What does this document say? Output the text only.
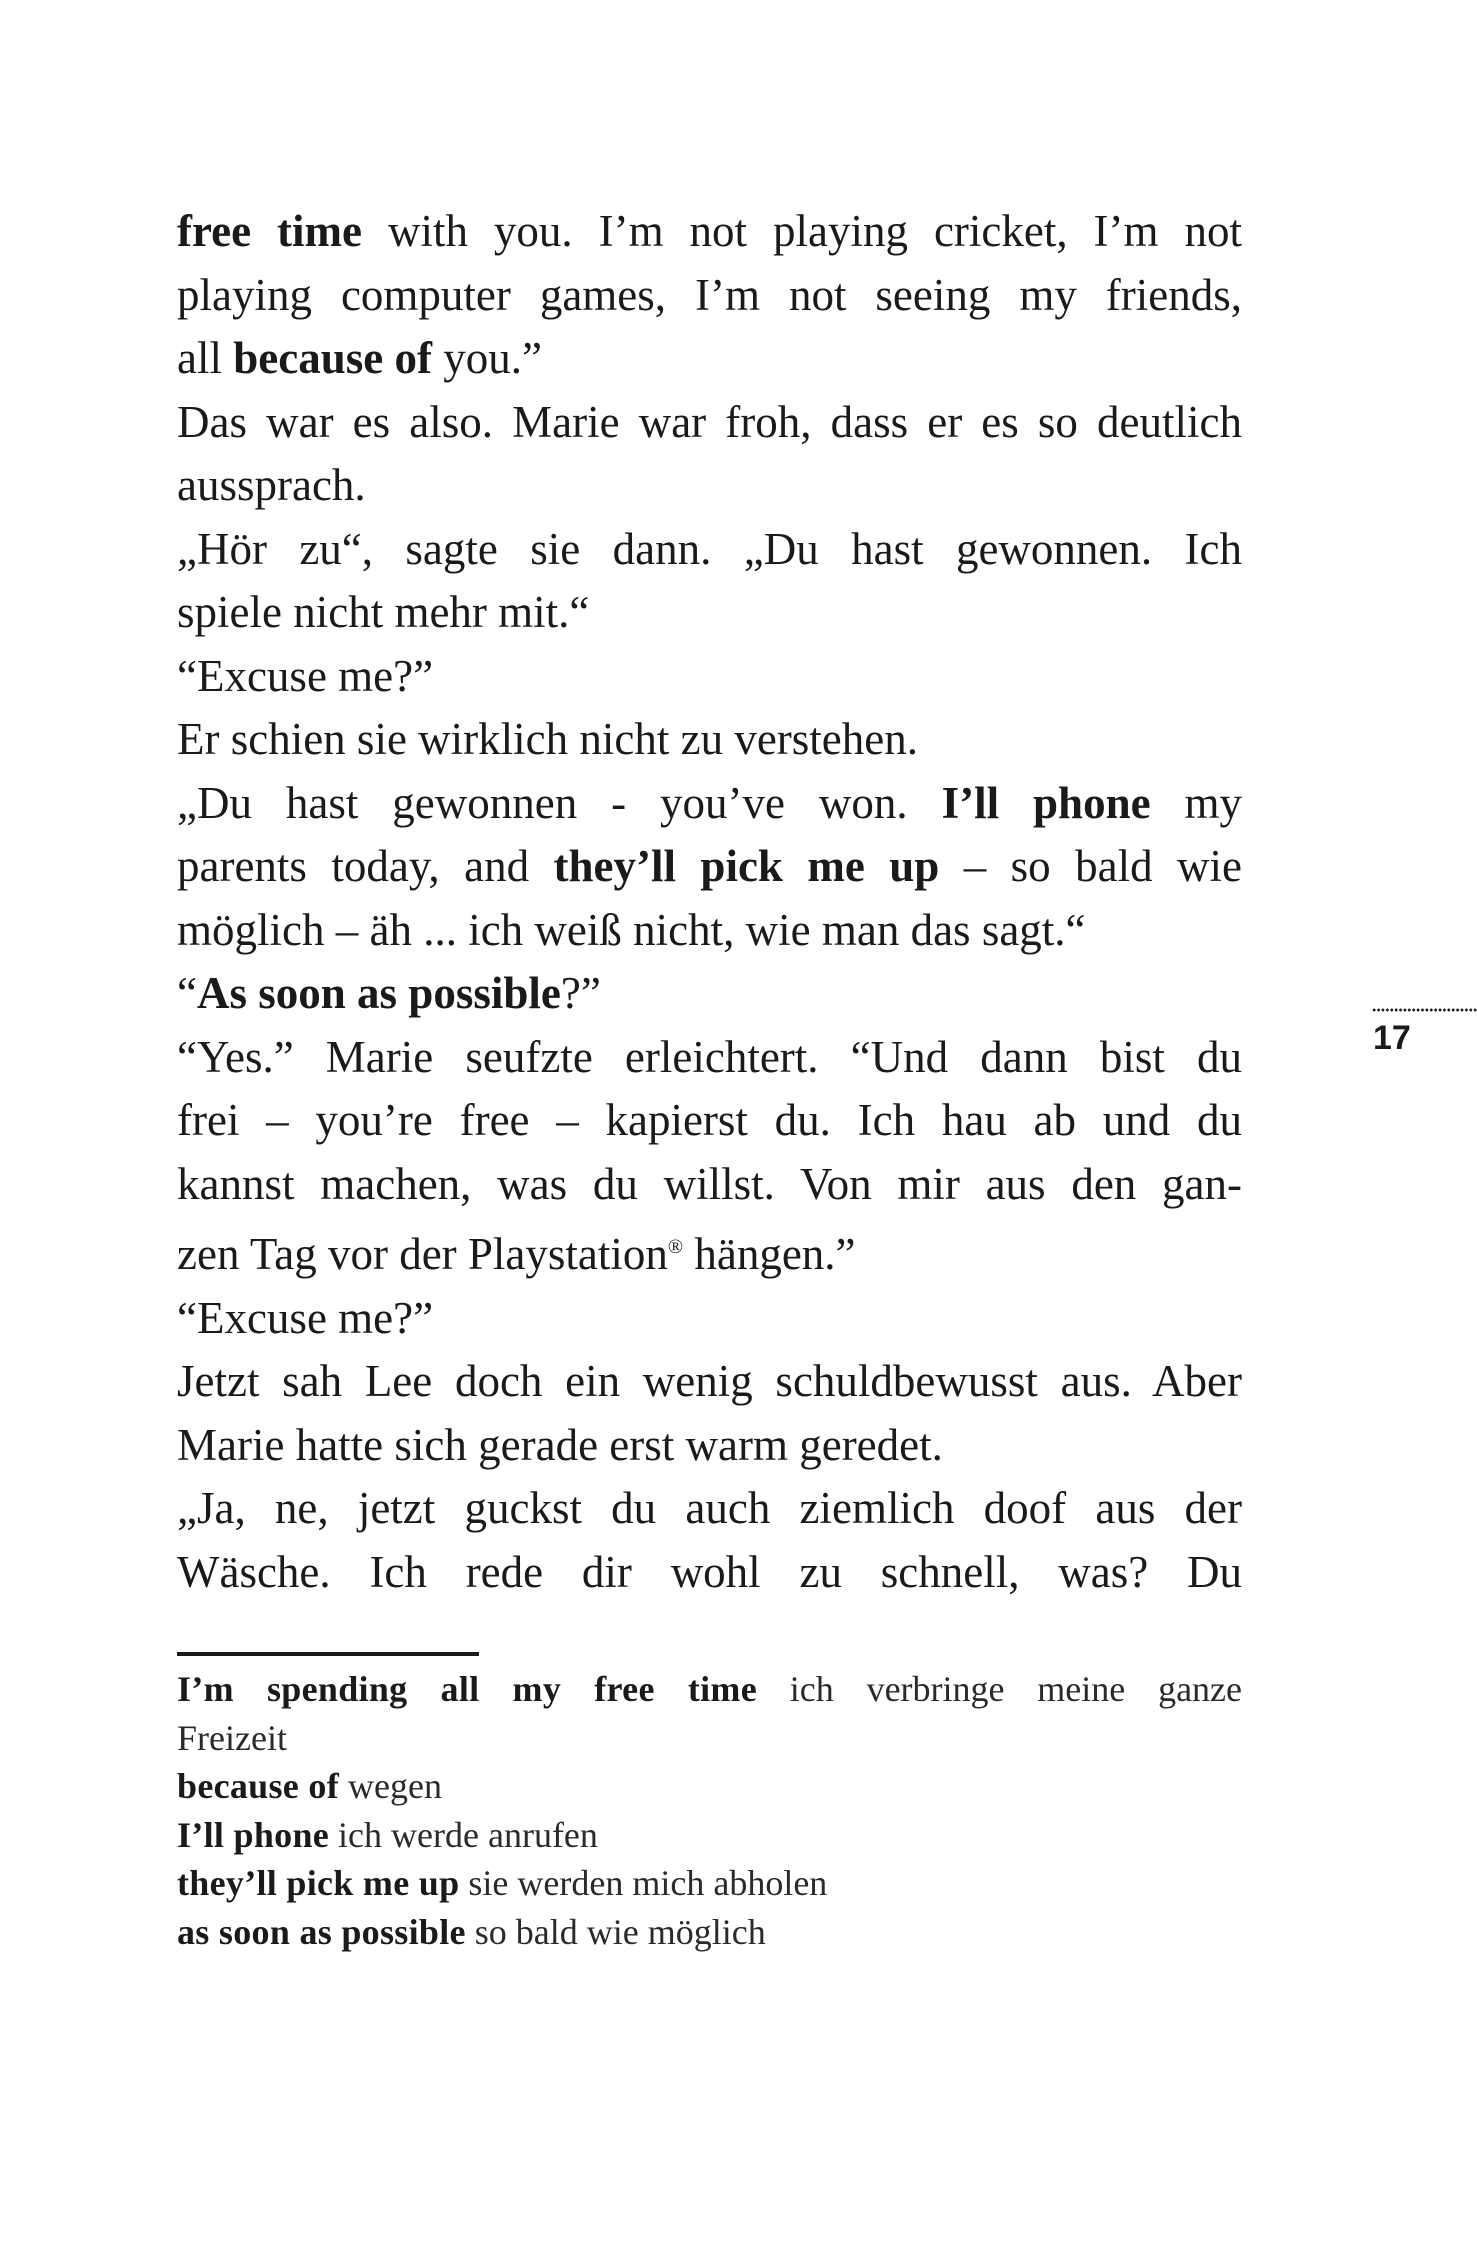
free time with you. I’m not playing cricket, I’m not
playing computer games, I’m not seeing my friends,
all because of you.”
Das war es also. Marie war froh, dass er es so deutlich
aussprach.
„Hör zu“, sagte sie dann. „Du hast gewonnen. Ich
spiele nicht mehr mit.“
“Excuse me?”
Er schien sie wirklich nicht zu verstehen.
„Du hast gewonnen - you’ve won. I’ll phone my
parents today, and they’ll pick me up – so bald wie
möglich – äh ... ich weiß nicht, wie man das sagt.“
“As soon as possible?”
“Yes.” Marie seufzte erleichtert. “Und dann bist du
frei – you’re free – kapierst du. Ich hau ab und du
kannst machen, was du willst. Von mir aus den gan-
zen Tag vor der Playstation® hängen.”
“Excuse me?”
Jetzt sah Lee doch ein wenig schuldbewusst aus. Aber
Marie hatte sich gerade erst warm geredet.
„Ja, ne, jetzt guckst du auch ziemlich doof aus der
Wäsche. Ich rede dir wohl zu schnell, was? Du
I’m spending all my free time ich verbringe meine ganze
Freizeit
because of wegen
I’ll phone ich werde anrufen
they’ll pick me up sie werden mich abholen
as soon as possible so bald wie möglich
17
